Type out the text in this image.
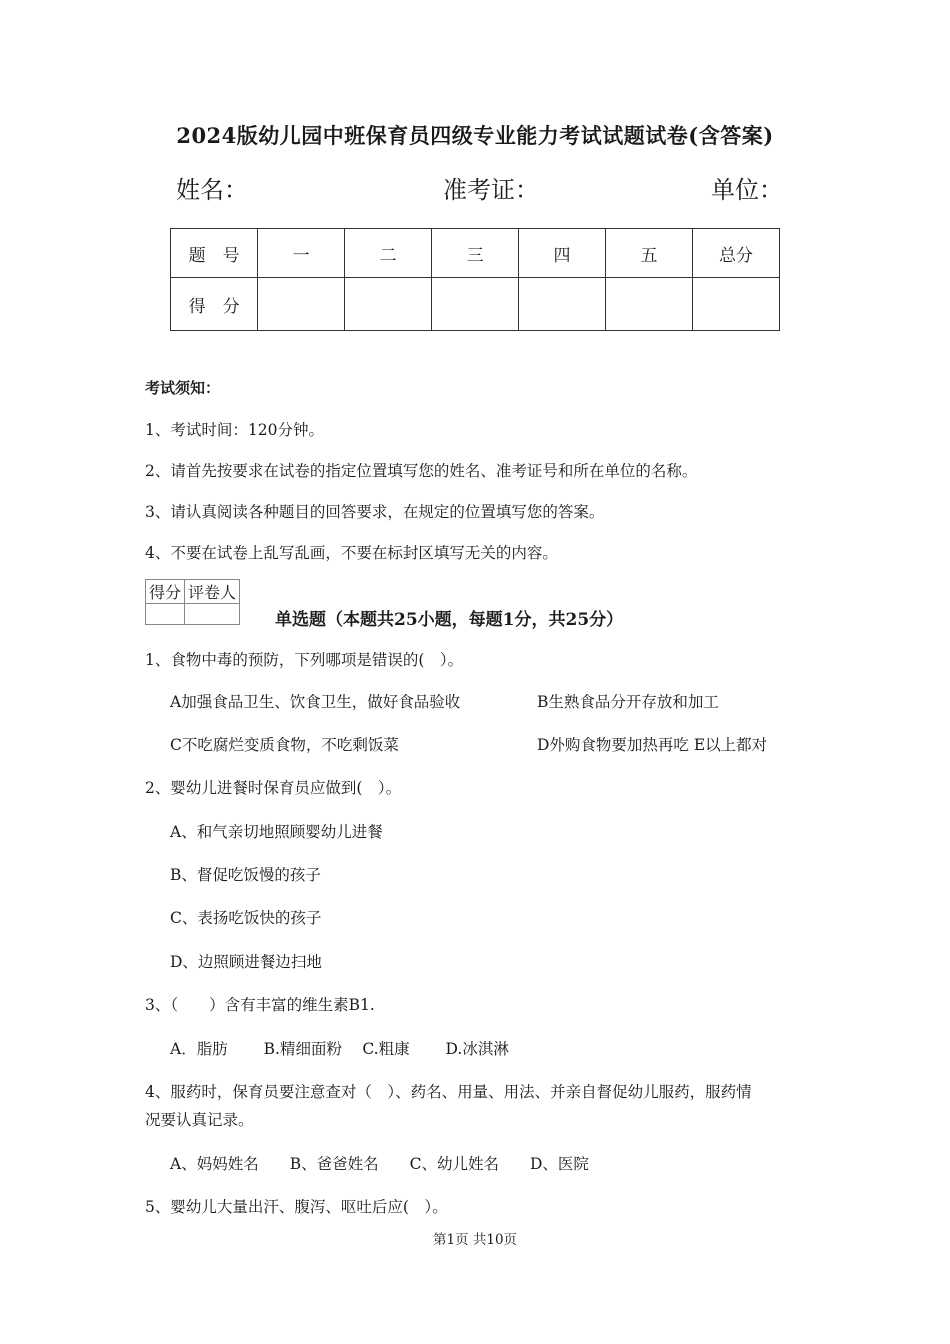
2024版幼儿园中班保育员四级专业能力考试试题试卷(含答案)
姓名：	准考证：	单位：
题　号	一	二	三	四	五	总分
得　分						
考试须知：
1、考试时间：120分钟。
2、请首先按要求在试卷的指定位置填写您的姓名、准考证号和所在单位的名称。
3、请认真阅读各种题目的回答要求，在规定的位置填写您的答案。
4、不要在试卷上乱写乱画，不要在标封区填写无关的内容。
得分	评卷人

单选题（本题共25小题，每题1分，共25分）
1、食物中毒的预防，下列哪项是错误的(　）。
A加强食品卫生、饮食卫生，做好食品验收	B生熟食品分开存放和加工
C不吃腐烂变质食物，不吃剩饭菜	D外购食物要加热再吃 E以上都对
2、婴幼儿进餐时保育员应做到(　）。
A、和气亲切地照顾婴幼儿进餐
B、督促吃饭慢的孩子
C、表扬吃饭快的孩子
D、边照顾进餐边扫地
3、（　　）含有丰富的维生素B1.
A．脂肪　　 B.精细面粉　 C.粗康　　 D.冰淇淋
4、服药时，保育员要注意查对（　）、药名、用量、用法、并亲自督促幼儿服药，服药情
况要认真记录。
A、妈妈姓名　　B、爸爸姓名　　C、幼儿姓名　　D、医院
5、婴幼儿大量出汗、腹泻、呕吐后应(　）。
第1页 共10页
